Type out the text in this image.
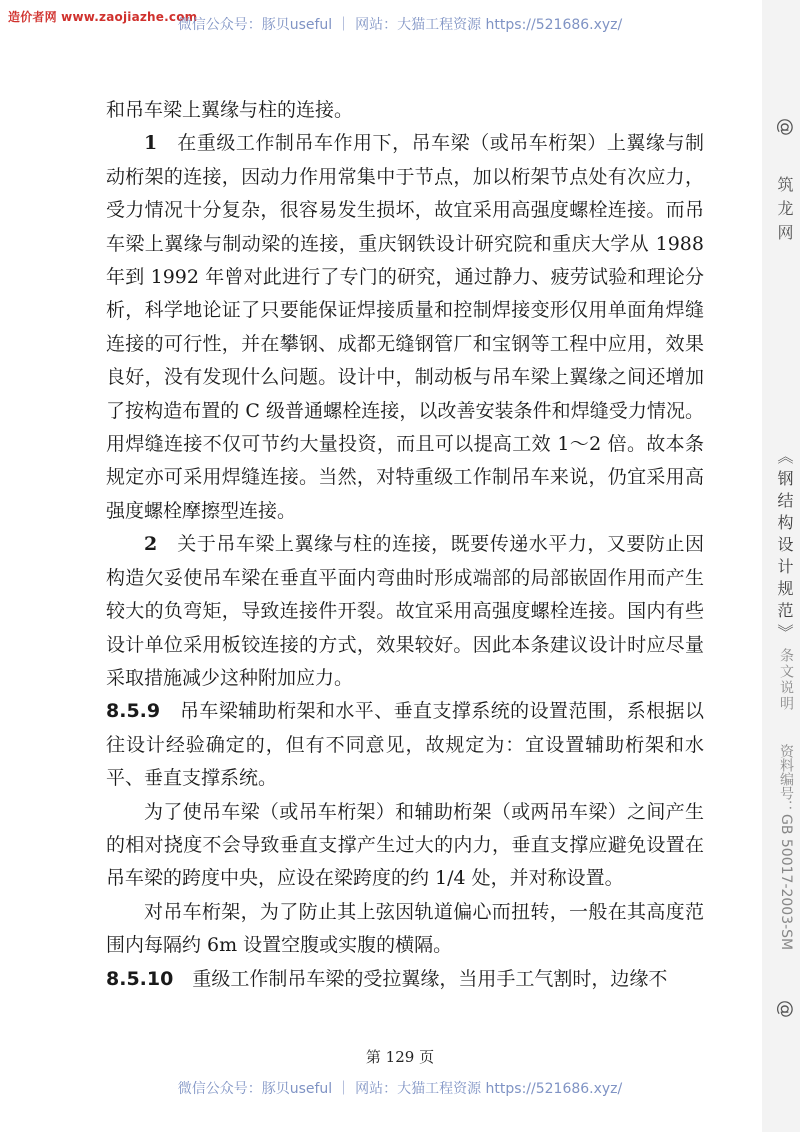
造价者网 www.zaojiazhe.com
微信公众号：豚贝useful ｜ 网站：大猫工程资源 https://521686.xyz/

和吊车梁上翼缘与柱的连接。

1　 在重级工作制吊车作用下，吊车梁（或吊车桁架）上翼缘与制动桁架的连接，因动力作用常集中于节点，加以桁架节点处有次应力，受力情况十分复杂，很容易发生损坏，故宜采用高强度螺栓连接。而吊车梁上翼缘与制动梁的连接，重庆钢铁设计研究院和重庆大学从 1988 年到 1992 年曾对此进行了专门的研究，通过静力、疲劳试验和理论分析，科学地论证了只要能保证焊接质量和控制焊接变形仅用单面角焊缝连接的可行性，并在攀钢、成都无缝钢管厂和宝钢等工程中应用，效果良好，没有发现什么问题。设计中，制动板与吊车梁上翼缘之间还增加了按构造布置的 C 级普通螺栓连接，以改善安装条件和焊缝受力情况。用焊缝连接不仅可节约大量投资，而且可以提高工效 1～2 倍。故本条规定亦可采用焊缝连接。当然，对特重级工作制吊车来说，仍宜采用高强度螺栓摩擦型连接。

2　 关于吊车梁上翼缘与柱的连接，既要传递水平力，又要防止因构造欠妥使吊车梁在垂直平面内弯曲时形成端部的局部嵌固作用而产生较大的负弯矩，导致连接件开裂。故宜采用高强度螺栓连接。国内有些设计单位采用板铰连接的方式，效果较好。因此本条建议设计时应尽量采取措施减少这种附加应力。

8.5.9　 吊车梁辅助桁架和水平、垂直支撑系统的设置范围，系根据以往设计经验确定的，但有不同意见，故规定为：宜设置辅助桁架和水平、垂直支撑系统。

为了使吊车梁（或吊车桁架）和辅助桁架（或两吊车梁）之间产生的相对挠度不会导致垂直支撑产生过大的内力，垂直支撑应避免设置在吊车梁的跨度中央，应设在梁跨度的约 1/4 处，并对称设置。

对吊车桁架，为了防止其上弦因轨道偏心而扭转，一般在其高度范围内每隔约 6m 设置空腹或实腹的横隔。

8.5.10　 重级工作制吊车梁的受拉翼缘，当用手工气割时，边缘不

第 129 页
微信公众号：豚贝useful ｜ 网站：大猫工程资源 https://521686.xyz/
@
筑龙网
《钢结构设计规范》
条文说明
资料编号：GB 50017-2003-SM
@
